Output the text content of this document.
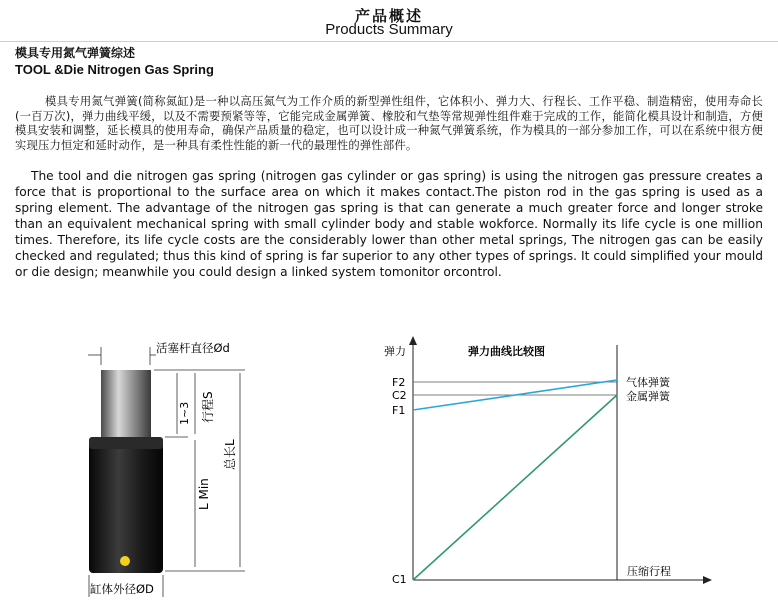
产品概述
Products Summary
模具专用氮气弹簧综述
TOOL &Die Nitrogen Gas Spring
模具专用氮气弹簧(简称氮缸)是一种以高压氮气为工作介质的新型弹性组件，它体积小、弹力大、行程长、工作平稳、制造精密，使用寿命长(一百万次)，弹力曲线平缓，以及不需要预紧等等，它能完成金属弹簧、橡胶和气垫等常规弹性组件难于完成的工作，能简化模具设计和制造，方便模具安装和调整，延长模具的使用寿命，确保产品质量的稳定，也可以设计成一种氮气弹簧系统，作为模具的一部分参加工作，可以在系统中很方便实现压力恒定和延时动作，是一种具有柔性性能的新一代的最理性的弹性部件。
The tool and die nitrogen gas spring (nitrogen gas cylinder or gas spring) is using the nitrogen gas pressure creates a force that is proportional to the surface area on which it makes contact.The piston rod in the gas spring is used as a spring element. The advantage of the nitrogen gas spring is that can generate a much greater force and longer stroke than an equivalent mechanical spring with small cylinder body and stable wokforce. Normally its life cycle is one million times. Therefore, its life cycle costs are the considerably lower than other metal springs, The nitrogen gas can be easily checked and regulated; thus this kind of spring is far superior to any other types of springs. It could simplified your mould or die design; meanwhile you could design a linked system tomonitor orcontrol.
活塞杆直径Ød
缸体外径ØD
1~3 行程S
L Min
总长L
弹力	弹力曲线比较图
F2
C2
F1
C1
气体弹簧
金属弹簧
压缩行程
